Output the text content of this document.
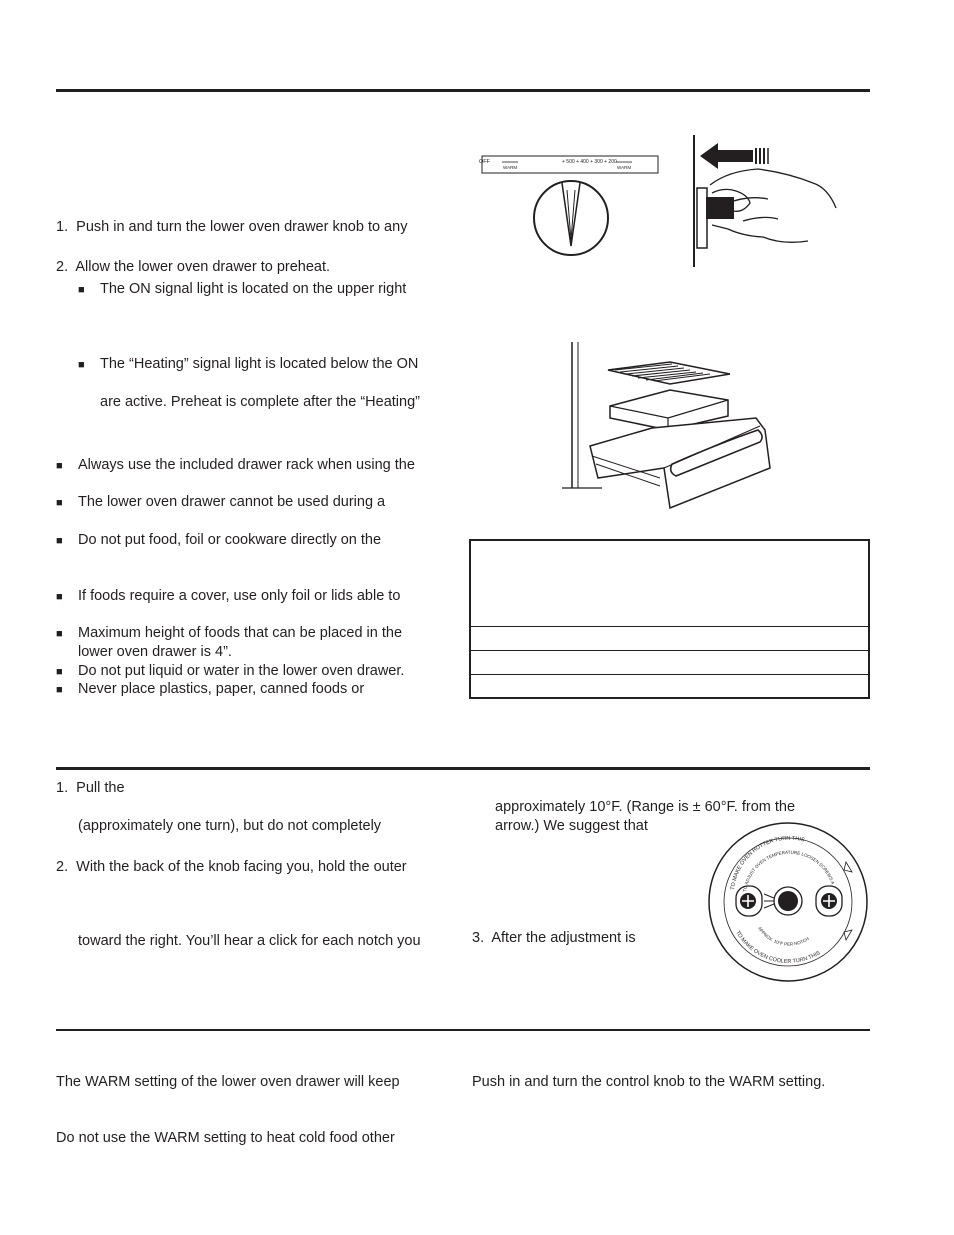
1. Push in and turn the lower oven drawer knob to any
2. Allow the lower oven drawer to preheat.
■ The ON signal light is located on the upper right
■ The “Heating” signal light is located below the ON
are active. Preheat is complete after the “Heating”
■ Always use the included drawer rack when using the
■ The lower oven drawer cannot be used during a
■ Do not put food, foil or cookware directly on the
■ If foods require a cover, use only foil or lids able to
■ Maximum height of foods that can be placed in the
lower oven drawer is 4”.
■ Do not put liquid or water in the lower oven drawer.
■ Never place plastics, paper, canned foods or
OFF
WARM
+ 500 + 400 + 300 + 200
WARM

1. Pull the
(approximately one turn), but do not completely
2. With the back of the knob facing you, hold the outer
toward the right. You’ll hear a click for each notch you
approximately 10°F. (Range is ± 60°F. from the
arrow.) We suggest that
3. After the adjustment is
TO MAKE OVEN HOTTER TURN THIS
TO ADJUST OVEN TEMPERATURE LOOSEN SCREWS A
APPROX. 10°F PER NOTCH
TO MAKE OVEN COOLER TURN THIS
The WARM setting of the lower oven drawer will keep
Do not use the WARM setting to heat cold food other
Push in and turn the control knob to the WARM setting.
